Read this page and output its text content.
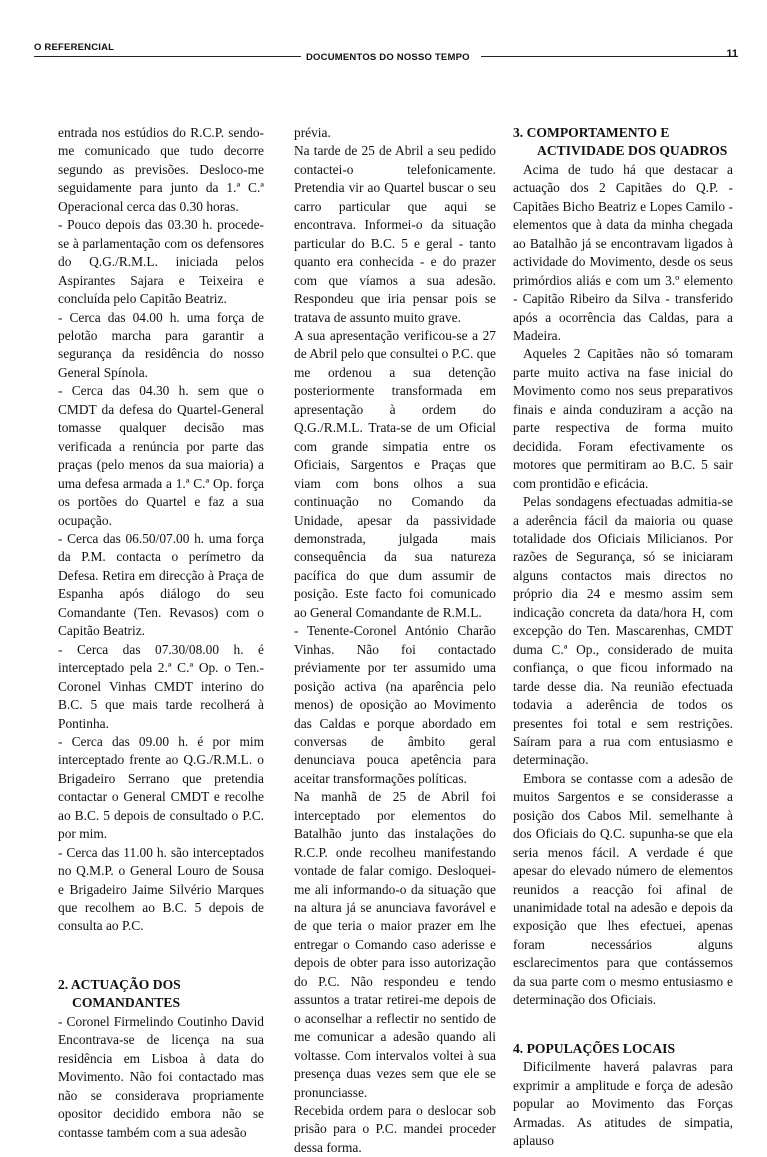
O REFERENCIAL
DOCUMENTOS DO NOSSO TEMPO	11

entrada nos estúdios do R.C.P. sendo-me comunicado que tudo decorre segundo as previsões. Desloco-me seguidamente para junto da 1.ª C.ª Operacional cerca das 0.30 horas.

- Pouco depois das 03.30 h. procede-se à parlamentação com os defensores do Q.G./R.M.L. iniciada pelos Aspirantes Sajara e Teixeira e concluída pelo Capitão Beatriz.

- Cerca das 04.00 h. uma força de pelotão marcha para garantir a segurança da residência do nosso General Spínola.

- Cerca das 04.30 h. sem que o CMDT da defesa do Quartel-General tomasse qualquer decisão mas verificada a renúncia por parte das praças (pelo menos da sua maioria) a uma defesa armada a 1.ª C.ª Op. força os portões do Quartel e faz a sua ocupação.

- Cerca das 06.50/07.00 h. uma força da P.M. contacta o perímetro da Defesa. Retira em direcção à Praça de Espanha após diálogo do seu Comandante (Ten. Revasos) com o Capitão Beatriz.

- Cerca das 07.30/08.00 h. é interceptado pela 2.ª C.ª Op. o Ten.-Coronel Vinhas CMDT interino do B.C. 5 que mais tarde recolherá à Pontinha.

- Cerca das 09.00 h. é por mim interceptado frente ao Q.G./R.M.L. o Brigadeiro Serrano que pretendia contactar o General CMDT e recolhe ao B.C. 5 depois de consultado o P.C. por mim.

- Cerca das 11.00 h. são interceptados no Q.M.P. o General Louro de Sousa e Brigadeiro Jaime Silvério Marques que recolhem ao B.C. 5 depois de consulta ao P.C.

2. ACTUAÇÃO DOS
COMANDANTES

- Coronel Firmelindo Coutinho David Encontrava-se de licença na sua residência em Lisboa à data do Movimento. Não foi contactado mas não se considerava propriamente opositor decidido embora não se contasse também com a sua adesão

prévia.

Na tarde de 25 de Abril a seu pedido contactei-o telefonicamente. Pretendia vir ao Quartel buscar o seu carro particular que aqui se encontrava. Informei-o da situação particular do B.C. 5 e geral - tanto quanto era conhecida - e do prazer com que víamos a sua adesão. Respondeu que iria pensar pois se tratava de assunto muito grave.

A sua apresentação verificou-se a 27 de Abril pelo que consultei o P.C. que me ordenou a sua detenção posteriormente transformada em apresentação à ordem do Q.G./R.M.L. Trata-se de um Oficial com grande simpatia entre os Oficiais, Sargentos e Praças que viam com bons olhos a sua continuação no Comando da Unidade, apesar da passividade demonstrada, julgada mais consequência da sua natureza pacífica do que dum assumir de posição. Este facto foi comunicado ao General Comandante de R.M.L.

- Tenente-Coronel António Charão Vinhas. Não foi contactado préviamente por ter assumido uma posição activa (na aparência pelo menos) de oposição ao Movimento das Caldas e porque abordado em conversas de âmbito geral denunciava pouca apetência para aceitar transformações políticas.

Na manhã de 25 de Abril foi interceptado por elementos do Batalhão junto das instalações do R.C.P. onde recolheu manifestando vontade de falar comigo. Desloquei-me ali informando-o da situação que na altura já se anunciava favorável e de que teria o maior prazer em lhe entregar o Comando caso aderisse e depois de obter para isso autorização do P.C. Não respondeu e tendo assuntos a tratar retirei-me depois de o aconselhar a reflectir no sentido de me comunicar a adesão quando ali voltasse. Com intervalos voltei à sua presença duas vezes sem que ele se pronunciasse.

Recebida ordem para o deslocar sob prisão para o P.C. mandei proceder dessa forma.

3. COMPORTAMENTO E
ACTIVIDADE DOS QUADROS

Acima de tudo há que destacar a actuação dos 2 Capitães do Q.P. - Capitães Bicho Beatriz e Lopes Camilo - elementos que à data da minha chegada ao Batalhão já se encontravam ligados à actividade do Movimento, desde os seus primórdios aliás e com um 3.º elemento - Capitão Ribeiro da Silva - transferido após a ocorrência das Caldas, para a Madeira.

Aqueles 2 Capitães não só tomaram parte muito activa na fase inicial do Movimento como nos seus preparativos finais e ainda conduziram a acção na parte respectiva de forma muito decidida. Foram efectivamente os motores que permitiram ao B.C. 5 sair com prontidão e eficácia.

Pelas sondagens efectuadas admitia-se a aderência fácil da maioria ou quase totalidade dos Oficiais Milicianos. Por razões de Segurança, só se iniciaram alguns contactos mais directos no próprio dia 24 e mesmo assim sem indicação concreta da data/hora H, com excepção do Ten. Mascarenhas, CMDT duma C.ª Op., considerado de muita confiança, o que ficou informado na tarde desse dia. Na reunião efectuada todavia a aderência de todos os presentes foi total e sem restrições. Saíram para a rua com entusiasmo e determinação.

Embora se contasse com a adesão de muitos Sargentos e se considerasse a posição dos Cabos Mil. semelhante à dos Oficiais do Q.C. supunha-se que ela seria menos fácil. A verdade é que apesar do elevado número de elementos reunidos a reacção foi afinal de unanimidade total na adesão e depois da exposição que lhes efectuei, apenas foram necessários alguns esclarecimentos para que contássemos da sua parte com o mesmo entusiasmo e determinação dos Oficiais.

4. POPULAÇÕES LOCAIS

Dificilmente haverá palavras para exprimir a amplitude e força de adesão popular ao Movimento das Forças Armadas. As atitudes de simpatia, aplauso
